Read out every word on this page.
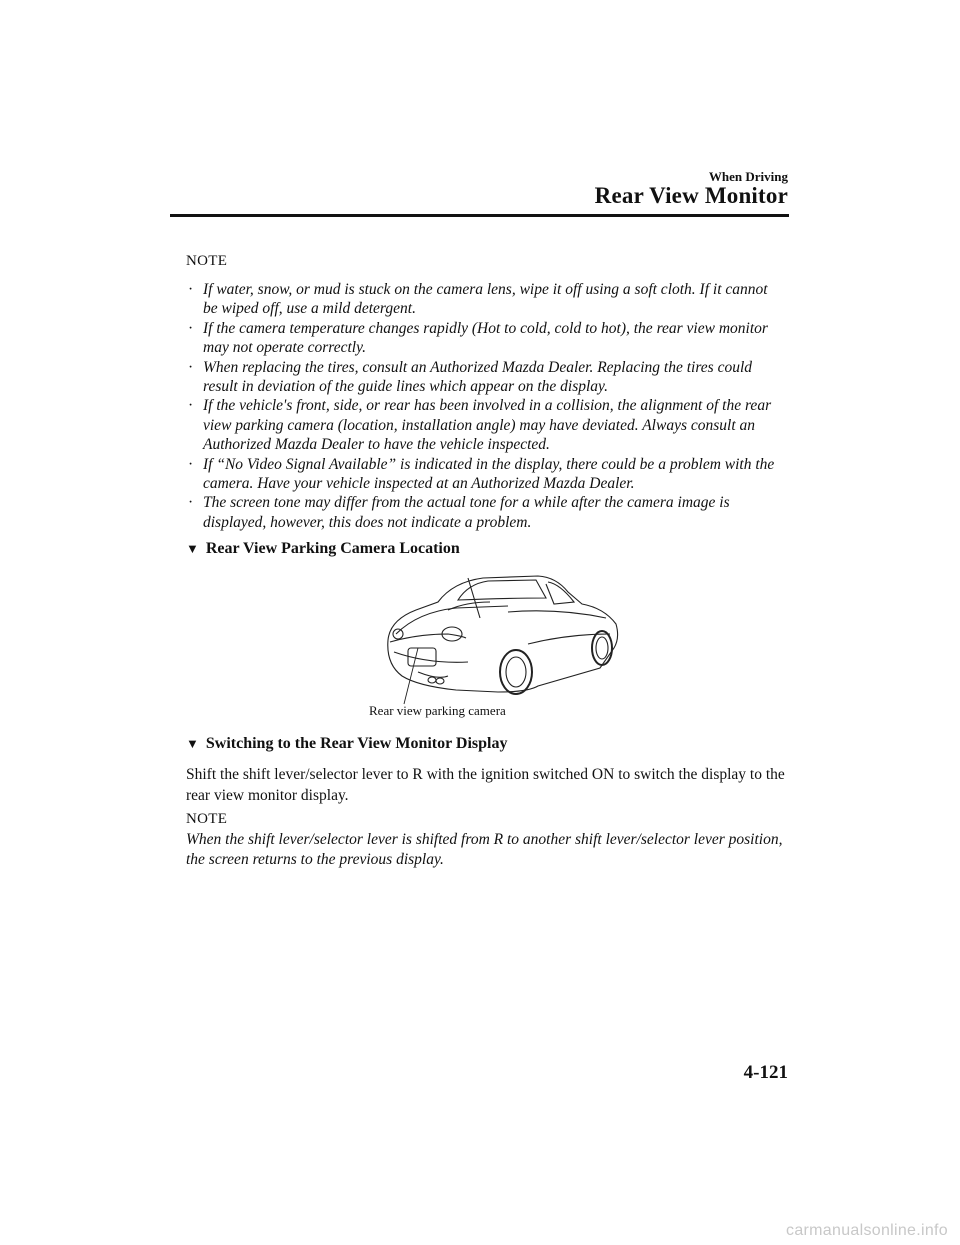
When Driving
Rear View Monitor
NOTE
· If water, snow, or mud is stuck on the camera lens, wipe it off using a soft cloth. If it cannot be wiped off, use a mild detergent.
· If the camera temperature changes rapidly (Hot to cold, cold to hot), the rear view monitor may not operate correctly.
· When replacing the tires, consult an Authorized Mazda Dealer. Replacing the tires could result in deviation of the guide lines which appear on the display.
· If the vehicle's front, side, or rear has been involved in a collision, the alignment of the rear view parking camera (location, installation angle) may have deviated. Always consult an Authorized Mazda Dealer to have the vehicle inspected.
· If “No Video Signal Available” is indicated in the display, there could be a problem with the camera. Have your vehicle inspected at an Authorized Mazda Dealer.
· The screen tone may differ from the actual tone for a while after the camera image is displayed, however, this does not indicate a problem.
▼ Rear View Parking Camera Location
Rear view parking camera
▼ Switching to the Rear View Monitor Display

Shift the shift lever/selector lever to R with the ignition switched ON to switch the display to the rear view monitor display.

NOTE

When the shift lever/selector lever is shifted from R to another shift lever/selector lever position, the screen returns to the previous display.

4-121
carmanualsonline.info
